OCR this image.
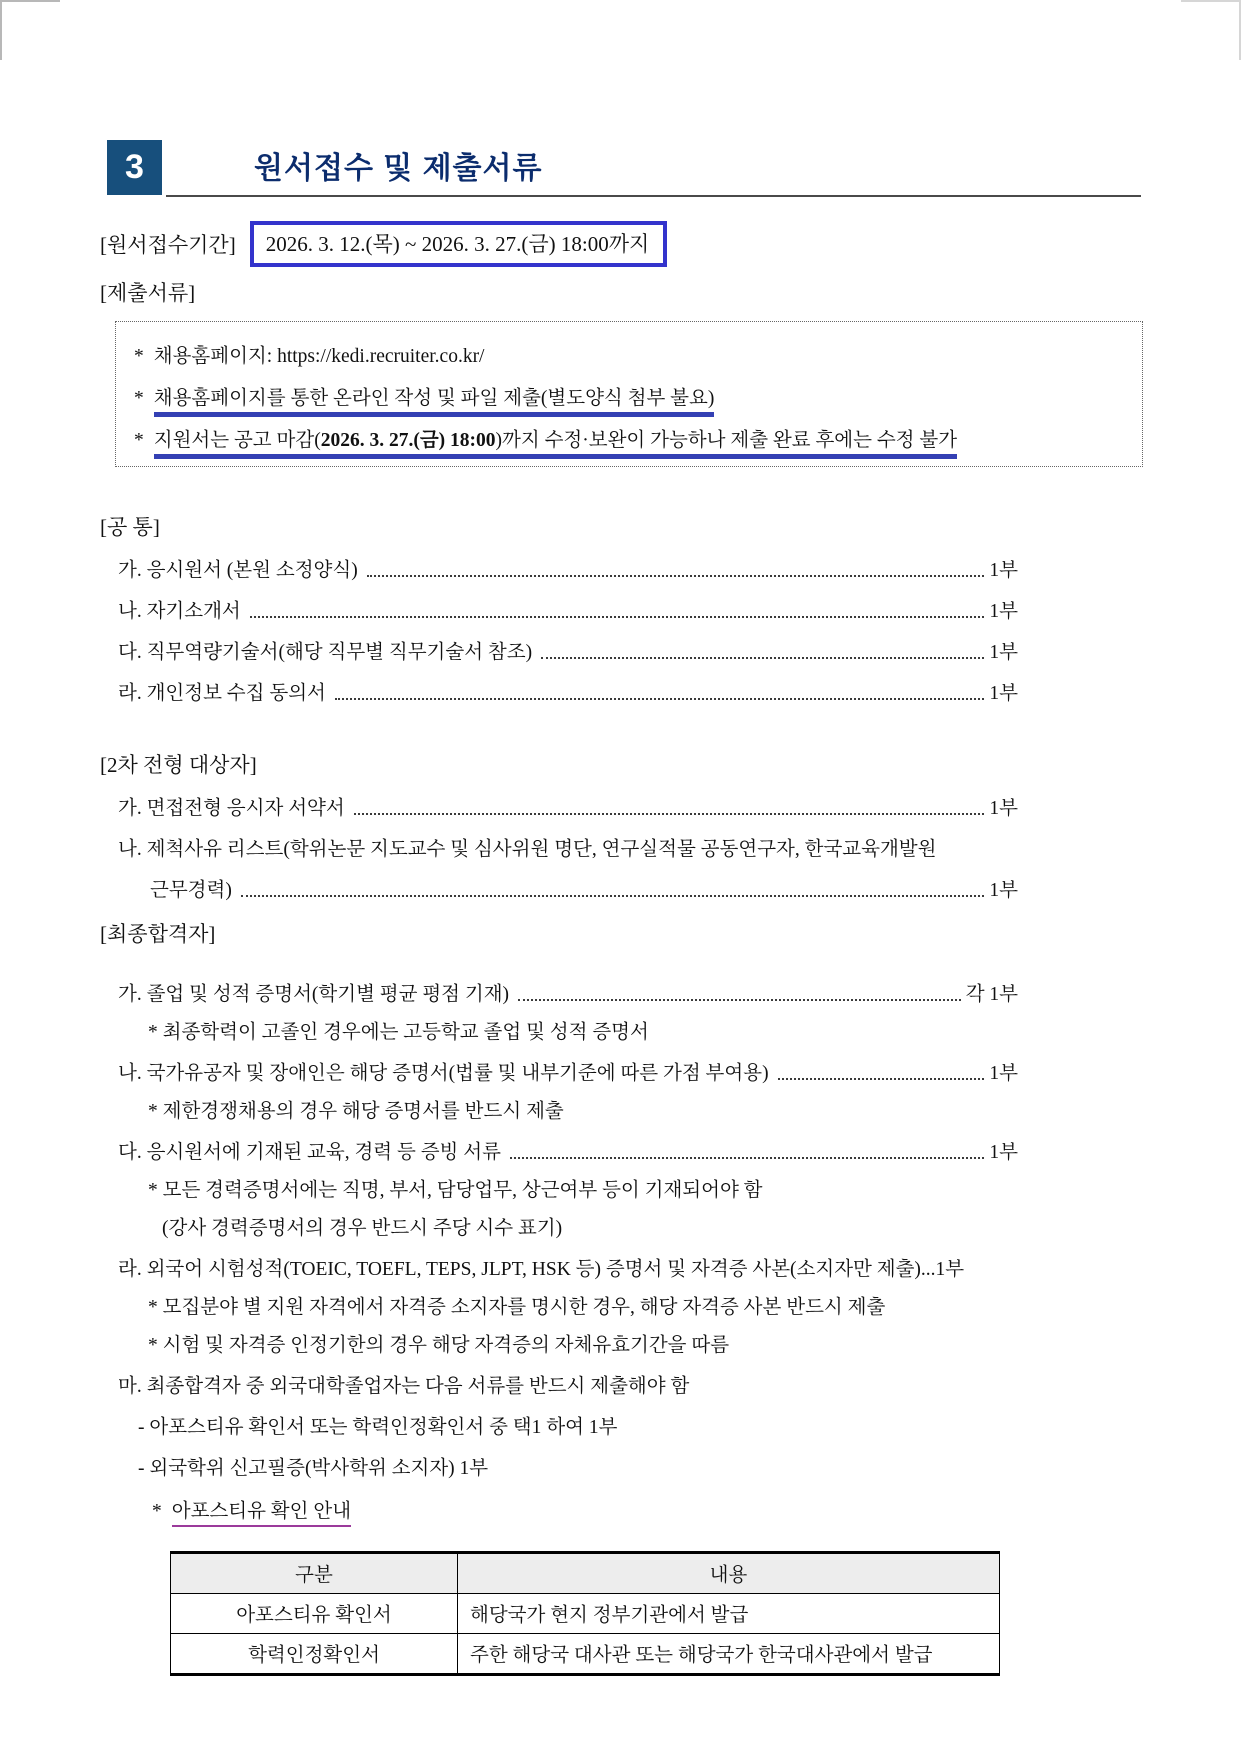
3	원서접수 및 제출서류
[원서접수기간]	2026. 3. 12.(목) ~ 2026. 3. 27.(금) 18:00까지
[제출서류]
* 채용홈페이지: https://kedi.recruiter.co.kr/
* 채용홈페이지를 통한 온라인 작성 및 파일 제출(별도양식 첨부 불요)
* 지원서는 공고 마감(2026. 3. 27.(금) 18:00)까지 수정·보완이 가능하나 제출 완료 후에는 수정 불가
[공 통]
가. 응시원서 (본원 소정양식)	1부
나. 자기소개서	1부
다. 직무역량기술서(해당 직무별 직무기술서 참조)	1부
라. 개인정보 수집 동의서	1부
[2차 전형 대상자]
가. 면접전형 응시자 서약서	1부
나. 제척사유 리스트(학위논문 지도교수 및 심사위원 명단, 연구실적물 공동연구자, 한국교육개발원
근무경력)	1부
[최종합격자]
가. 졸업 및 성적 증명서(학기별 평균 평점 기재)	각 1부
* 최종학력이 고졸인 경우에는 고등학교 졸업 및 성적 증명서
나. 국가유공자 및 장애인은 해당 증명서(법률 및 내부기준에 따른 가점 부여용)	1부
* 제한경쟁채용의 경우 해당 증명서를 반드시 제출
다. 응시원서에 기재된 교육, 경력 등 증빙 서류	1부
* 모든 경력증명서에는 직명, 부서, 담당업무, 상근여부 등이 기재되어야 함
(강사 경력증명서의 경우 반드시 주당 시수 표기)
라. 외국어 시험성적(TOEIC, TOEFL, TEPS, JLPT, HSK 등) 증명서 및 자격증 사본(소지자만 제출)...1부
* 모집분야 별 지원 자격에서 자격증 소지자를 명시한 경우, 해당 자격증 사본 반드시 제출
* 시험 및 자격증 인정기한의 경우 해당 자격증의 자체유효기간을 따름
마. 최종합격자 중 외국대학졸업자는 다음 서류를 반드시 제출해야 함
- 아포스티유 확인서 또는 학력인정확인서 중 택1 하여 1부
- 외국학위 신고필증(박사학위 소지자) 1부
* 아포스티유 확인 안내
구분	내용
아포스티유 확인서	해당국가 현지 정부기관에서 발급
학력인정확인서	주한 해당국 대사관 또는 해당국가 한국대사관에서 발급
